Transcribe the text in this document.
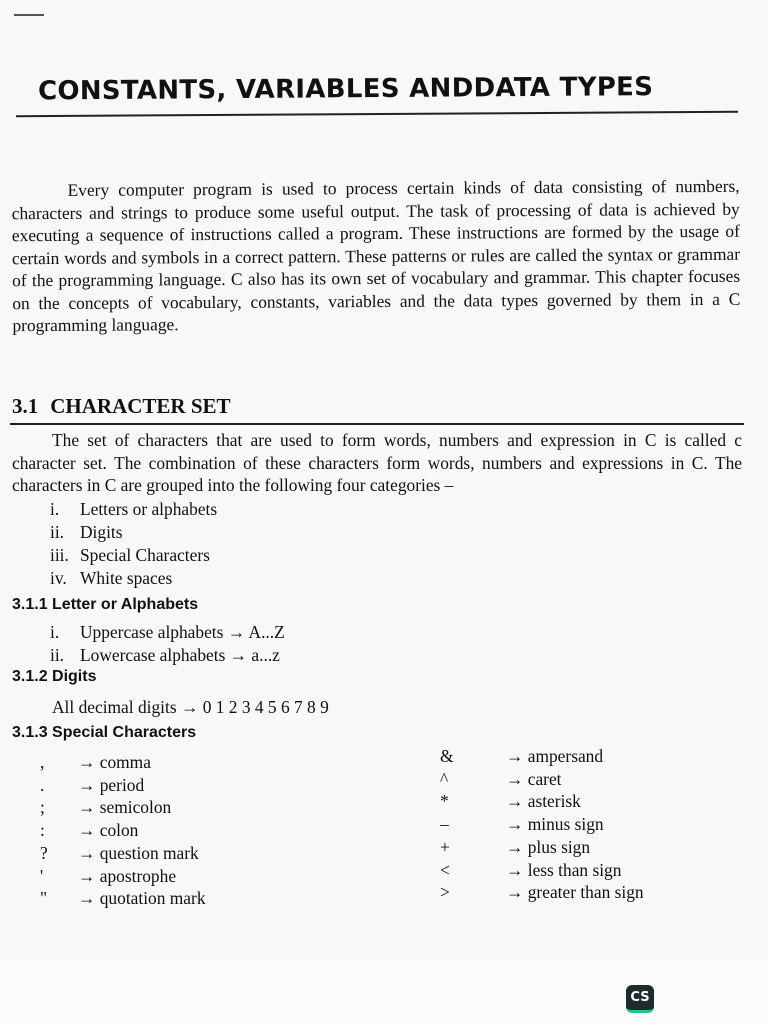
CONSTANTS, VARIABLES ANDDATA TYPES

Every computer program is used to process certain kinds of data consisting of numbers, characters and strings to produce some useful output. The task of processing of data is achieved by executing a sequence of instructions called a program. These instructions are formed by the usage of certain words and symbols in a correct pattern. These patterns or rules are called the syntax or grammar of the programming language. C also has its own set of vocabulary and grammar. This chapter focuses on the concepts of vocabulary, constants, variables and the data types governed by them in a C programming language.

3.1 CHARACTER SET

The set of characters that are used to form words, numbers and expression in C is called c character set. The combination of these characters form words, numbers and expressions in C. The characters in C are grouped into the following four categories –

i. Letters or alphabets
ii. Digits
iii. Special Characters
iv. White spaces
3.1.1 Letter or Alphabets
i. Uppercase alphabets → A...Z
ii. Lowercase alphabets → a...z
3.1.2 Digits
All decimal digits → 0 1 2 3 4 5 6 7 8 9
3.1.3 Special Characters
, → comma
. → period
; → semicolon
: → colon
? → question mark
' → apostrophe
" → quotation mark
&	→ ampersand
^	→ caret
*	→ asterisk
–	→ minus sign
+	→ plus sign
<	→ less than sign
>	→ greater than sign
CS
